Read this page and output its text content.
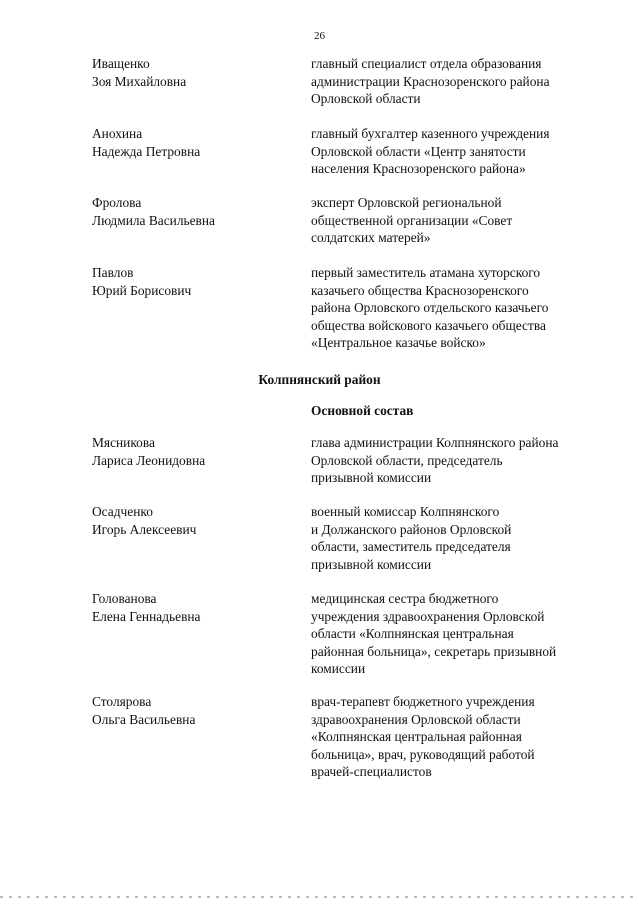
26
Иващенко
Зоя Михайловна
главный специалист отдела образования
администрации Краснозоренского района
Орловской области
Анохина
Надежда Петровна
главный бухгалтер казенного учреждения
Орловской области «Центр занятости
населения Краснозоренского района»
Фролова
Людмила Васильевна
эксперт Орловской региональной
общественной организации «Совет
солдатских матерей»
Павлов
Юрий Борисович
первый заместитель атамана хуторского
казачьего общества Краснозоренского
района Орловского отдельского казачьего
общества войскового казачьего общества
«Центральное казачье войско»
Колпнянский район
Основной состав
Мясникова
Лариса Леонидовна
глава администрации Колпнянского района
Орловской области, председатель
призывной комиссии
Осадченко
Игорь Алексеевич
военный комиссар Колпнянского
и Должанского районов Орловской
области, заместитель председателя
призывной комиссии
Голованова
Елена Геннадьевна
медицинская сестра бюджетного
учреждения здравоохранения Орловской
области «Колпнянская центральная
районная больница», секретарь призывной
комиссии
Столярова
Ольга Васильевна
врач-терапевт бюджетного учреждения
здравоохранения Орловской области
«Колпнянская центральная районная
больница», врач, руководящий работой
врачей-специалистов
